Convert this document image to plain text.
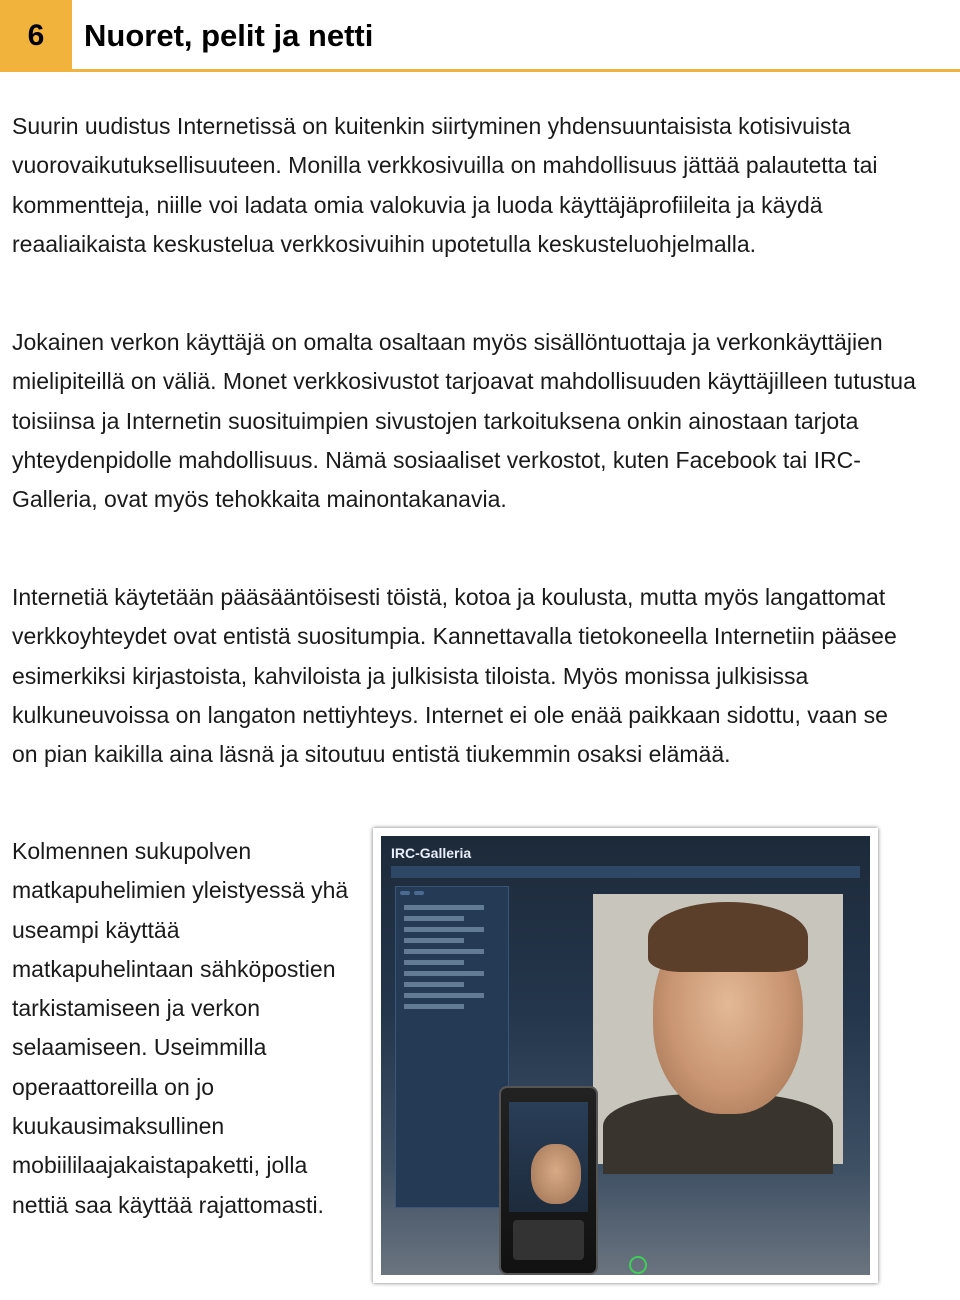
6	Nuoret, pelit ja netti
Suurin uudistus Internetissä on kuitenkin siirtyminen yhdensuuntaisista kotisivuista vuorovaikutuksellisuuteen. Monilla verkkosivuilla on mahdollisuus jättää palautetta tai kommentteja, niille voi ladata omia valokuvia ja luoda käyttäjäprofiileita ja käydä reaaliaikaista keskustelua verkkosivuihin upotetulla keskusteluohjelmalla.
Jokainen verkon käyttäjä on omalta osaltaan myös sisällöntuottaja ja verkonkäyttäjien mielipiteillä on väliä. Monet verkkosivustot tarjoavat mahdollisuuden käyttäjilleen tutustua toisiinsa ja Internetin suosituimpien sivustojen tarkoituksena onkin ainostaan tarjota yhteydenpidolle mahdollisuus. Nämä sosiaaliset verkostot, kuten Facebook tai IRC-Galleria, ovat myös tehokkaita mainontakanavia.
Internetiä käytetään pääsääntöisesti töistä, kotoa ja koulusta, mutta myös langattomat verkkoyhteydet ovat entistä suositumpia. Kannettavalla tietokoneella Internetiin pääsee esimerkiksi kirjastoista, kahviloista ja julkisista tiloista. Myös monissa julkisissa kulkuneuvoissa on langaton nettiyhteys. Internet ei ole enää paikkaan sidottu, vaan se on pian kaikilla aina läsnä ja sitoutuu entistä tiukemmin osaksi elämää.
Kolmennen sukupolven matkapuhelimien yleistyessä yhä useampi käyttää matkapuhelintaan sähköpostien tarkistamiseen ja verkon selaamiseen. Useimmilla operaattoreilla on jo kuukausimaksullinen mobiililaajakaistapaketti, jolla nettiä saa käyttää rajattomasti.
IRC-Galleria
